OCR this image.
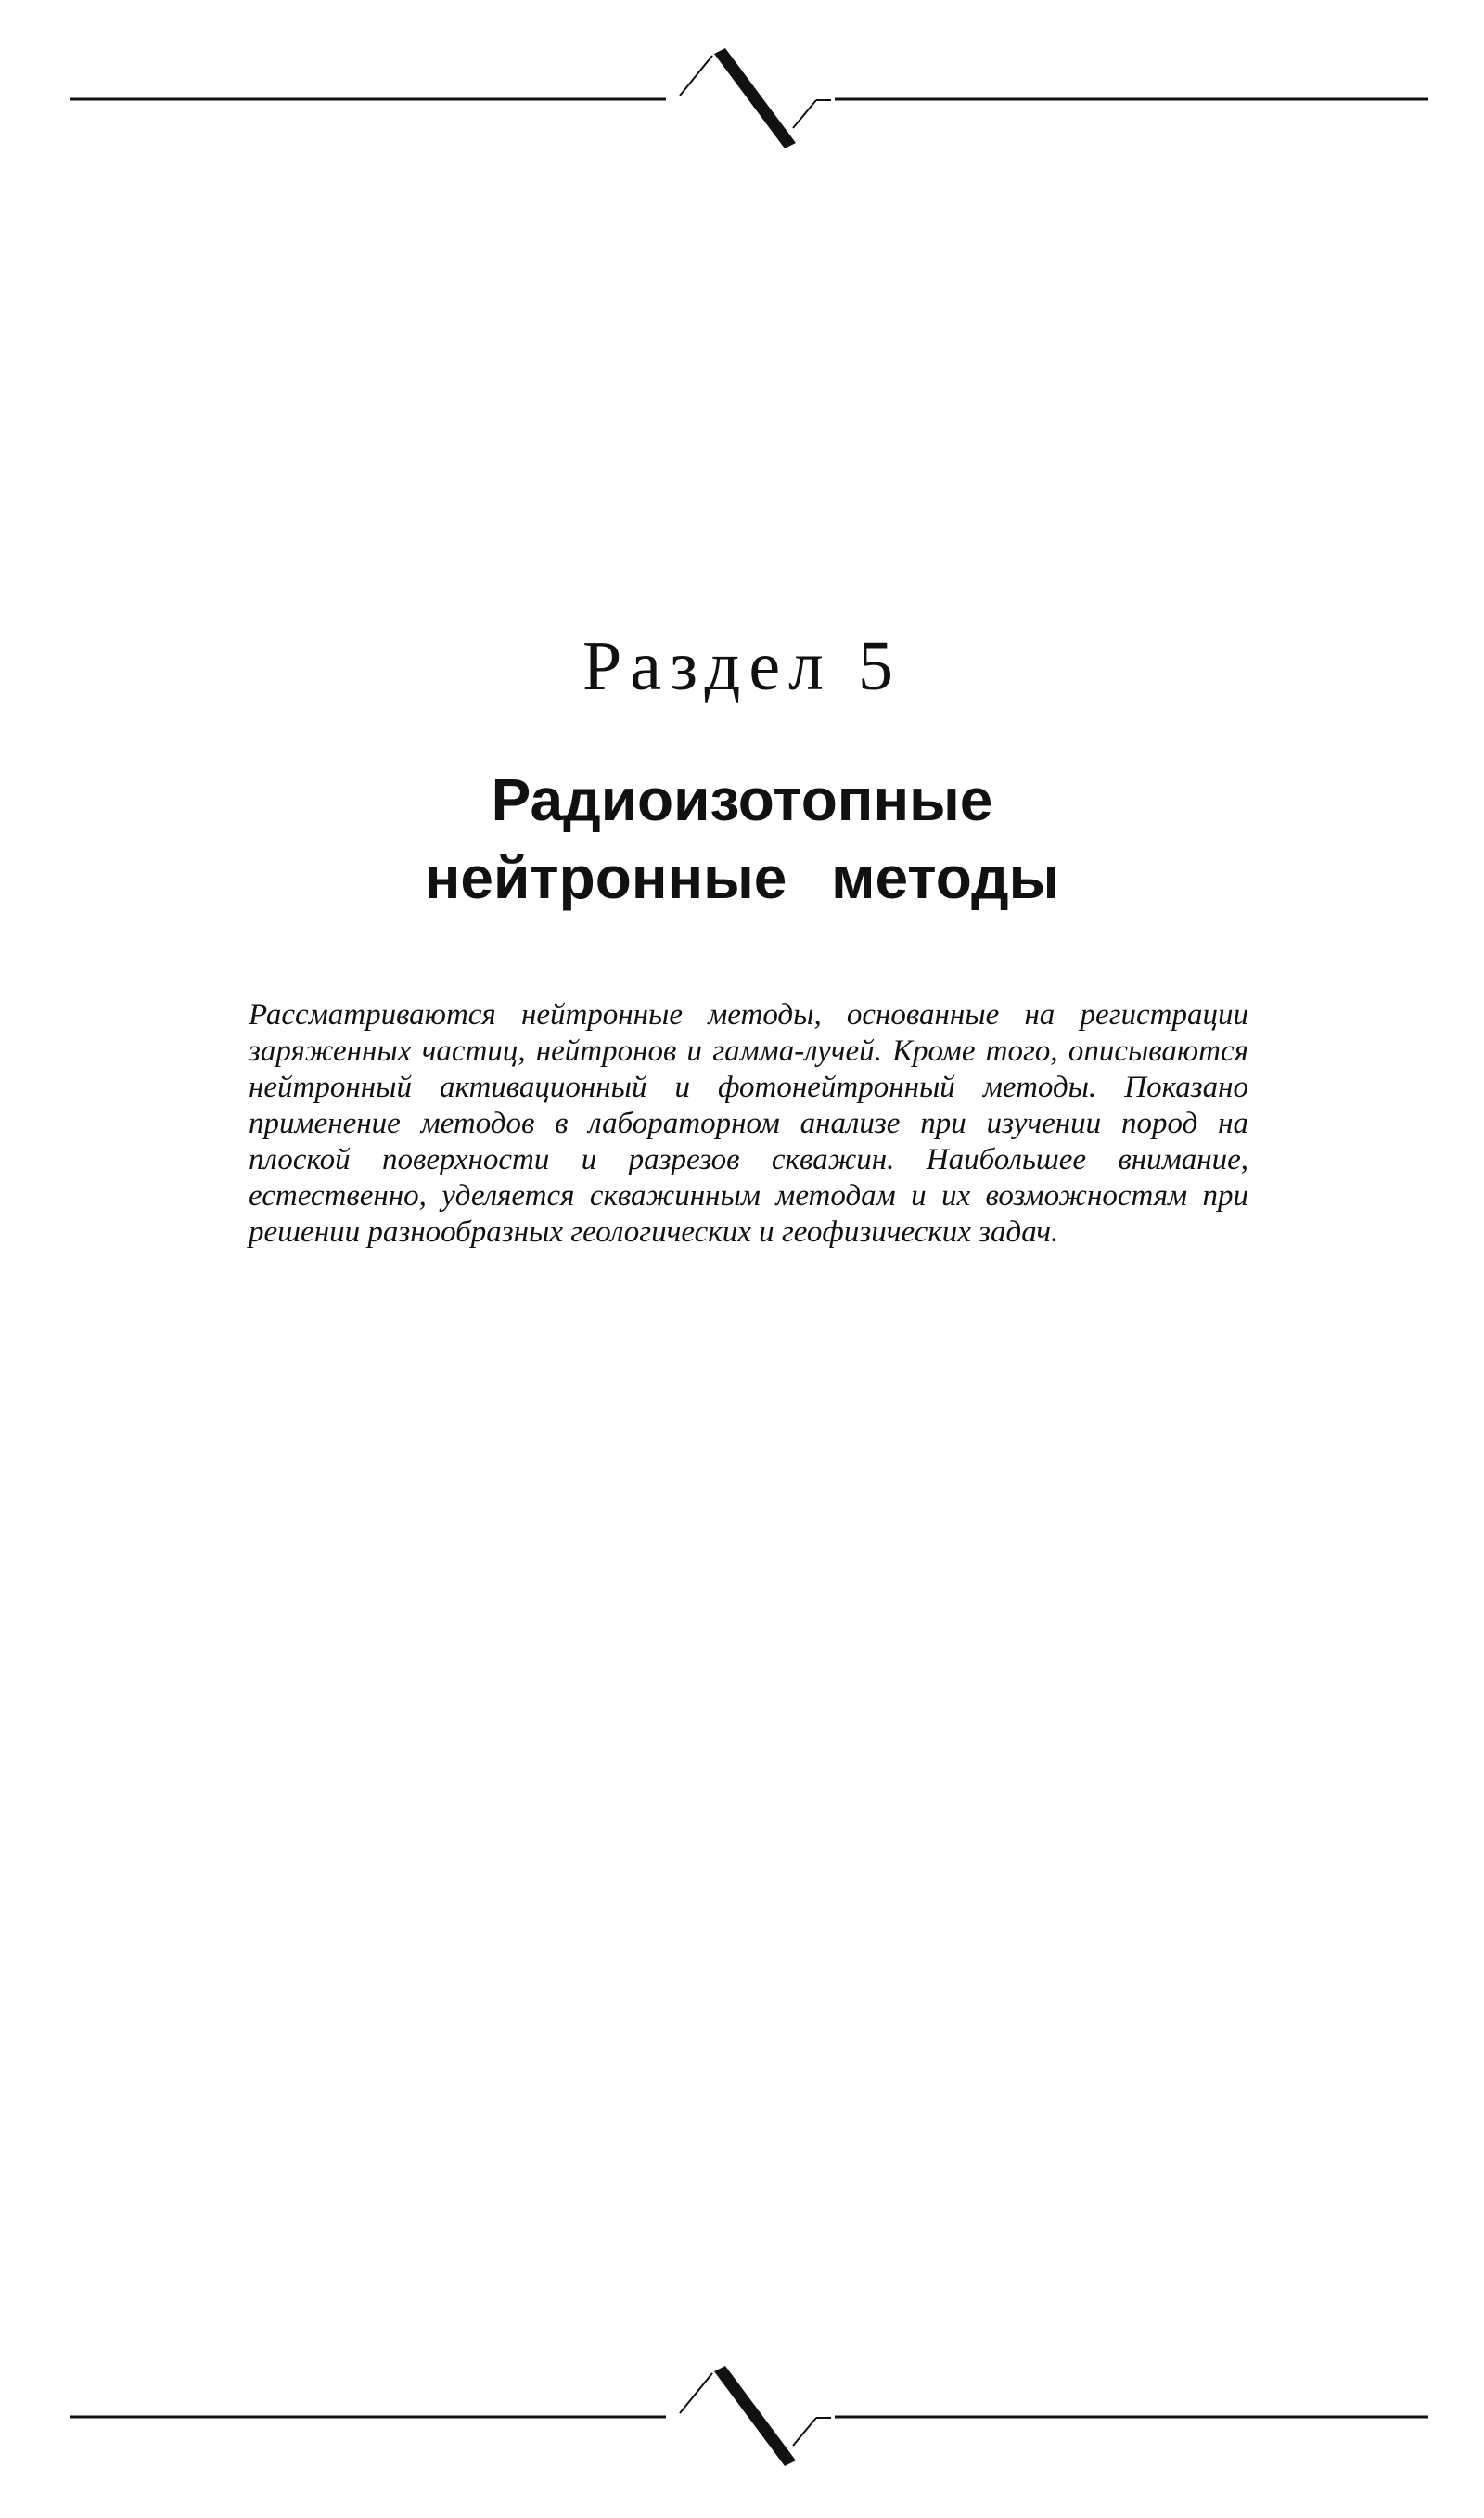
Раздел 5
Радиоизотопные
нейтронные методы

Рассматриваются нейтронные методы, основанные на регистрации заряженных частиц, нейтронов и гамма-лучей. Кроме того, описываются нейтронный активационный и фотонейтронный методы. Показано применение методов в лабораторном анализе при изучении пород на плоской поверхности и разрезов скважин. Наибольшее внимание, естественно, уделяется скважинным методам и их возможностям при решении разнообразных геологических и геофизических задач.
